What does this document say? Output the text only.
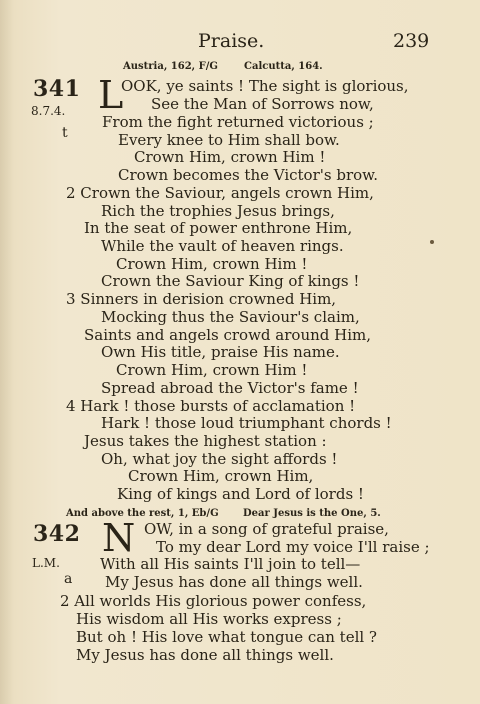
Praise.	239
Austria, 162, F/G	Calcutta, 164.
341 L
8.7.4.
t
OOK, ye saints ! The sight is glorious,
See the Man of Sorrows now,
From the fight returned victorious ;
Every knee to Him shall bow.
Crown Him, crown Him !
Crown becomes the Victor's brow.
2 Crown the Saviour, angels crown Him,
Rich the trophies Jesus brings,
In the seat of power enthrone Him,
While the vault of heaven rings.
Crown Him, crown Him !
Crown the Saviour King of kings !
3 Sinners in derision crowned Him,
Mocking thus the Saviour's claim,
Saints and angels crowd around Him,
Own His title, praise His name.
Crown Him, crown Him !
Spread abroad the Victor's fame !
4 Hark ! those bursts of acclamation !
Hark ! those loud triumphant chords !
Jesus takes the highest station :
Oh, what joy the sight affords !
Crown Him, crown Him,
King of kings and Lord of lords !
And above the rest, 1, Eb/G Dear Jesus is the One, 5.
342 N
L.M.
a
OW, in a song of grateful praise,
To my dear Lord my voice I'll raise ;
With all His saints I'll join to tell—
My Jesus has done all things well.
2 All worlds His glorious power confess,
His wisdom all His works express ;
But oh ! His love what tongue can tell ?
My Jesus has done all things well.
